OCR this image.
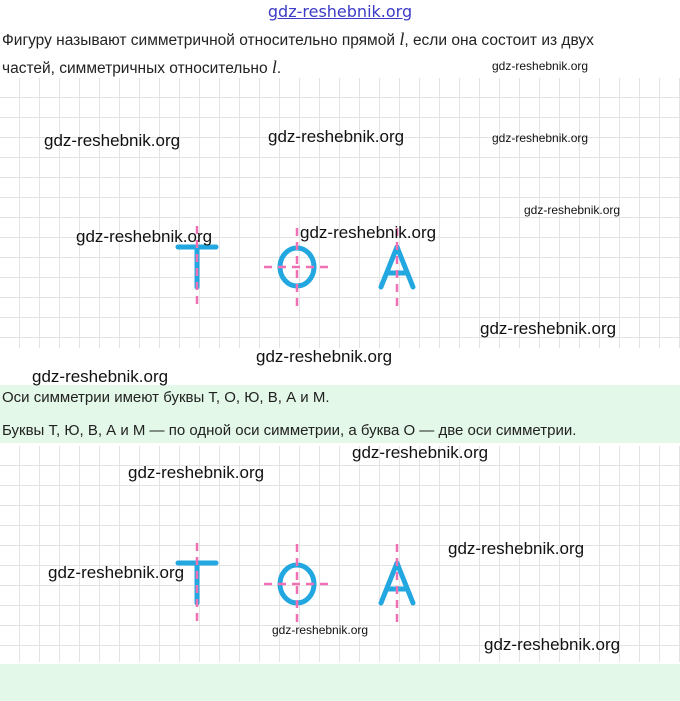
gdz-reshebnik.org
Фигуру называют симметричной относительно прямой l, если она состоит из двух
частей, симметричных относительно l.
Оси симметрии имеют буквы Т, О, Ю, В, А и М.
Буквы Т, Ю, В, А и М — по одной оси симметрии, а буква О — две оси симметрии.
gdz-reshebnik.org
gdz-reshebnik.org	gdz-reshebnik.org	gdz-reshebnik.org
gdz-reshebnik.org
gdz-reshebnik.org
gdz-reshebnik.org
gdz-reshebnik.org
gdz-reshebnik.org
gdz-reshebnik.org
gdz-reshebnik.org
gdz-reshebnik.org
gdz-reshebnik.org
gdz-reshebnik.org
gdz-reshebnik.org
gdz-reshebnik.org
